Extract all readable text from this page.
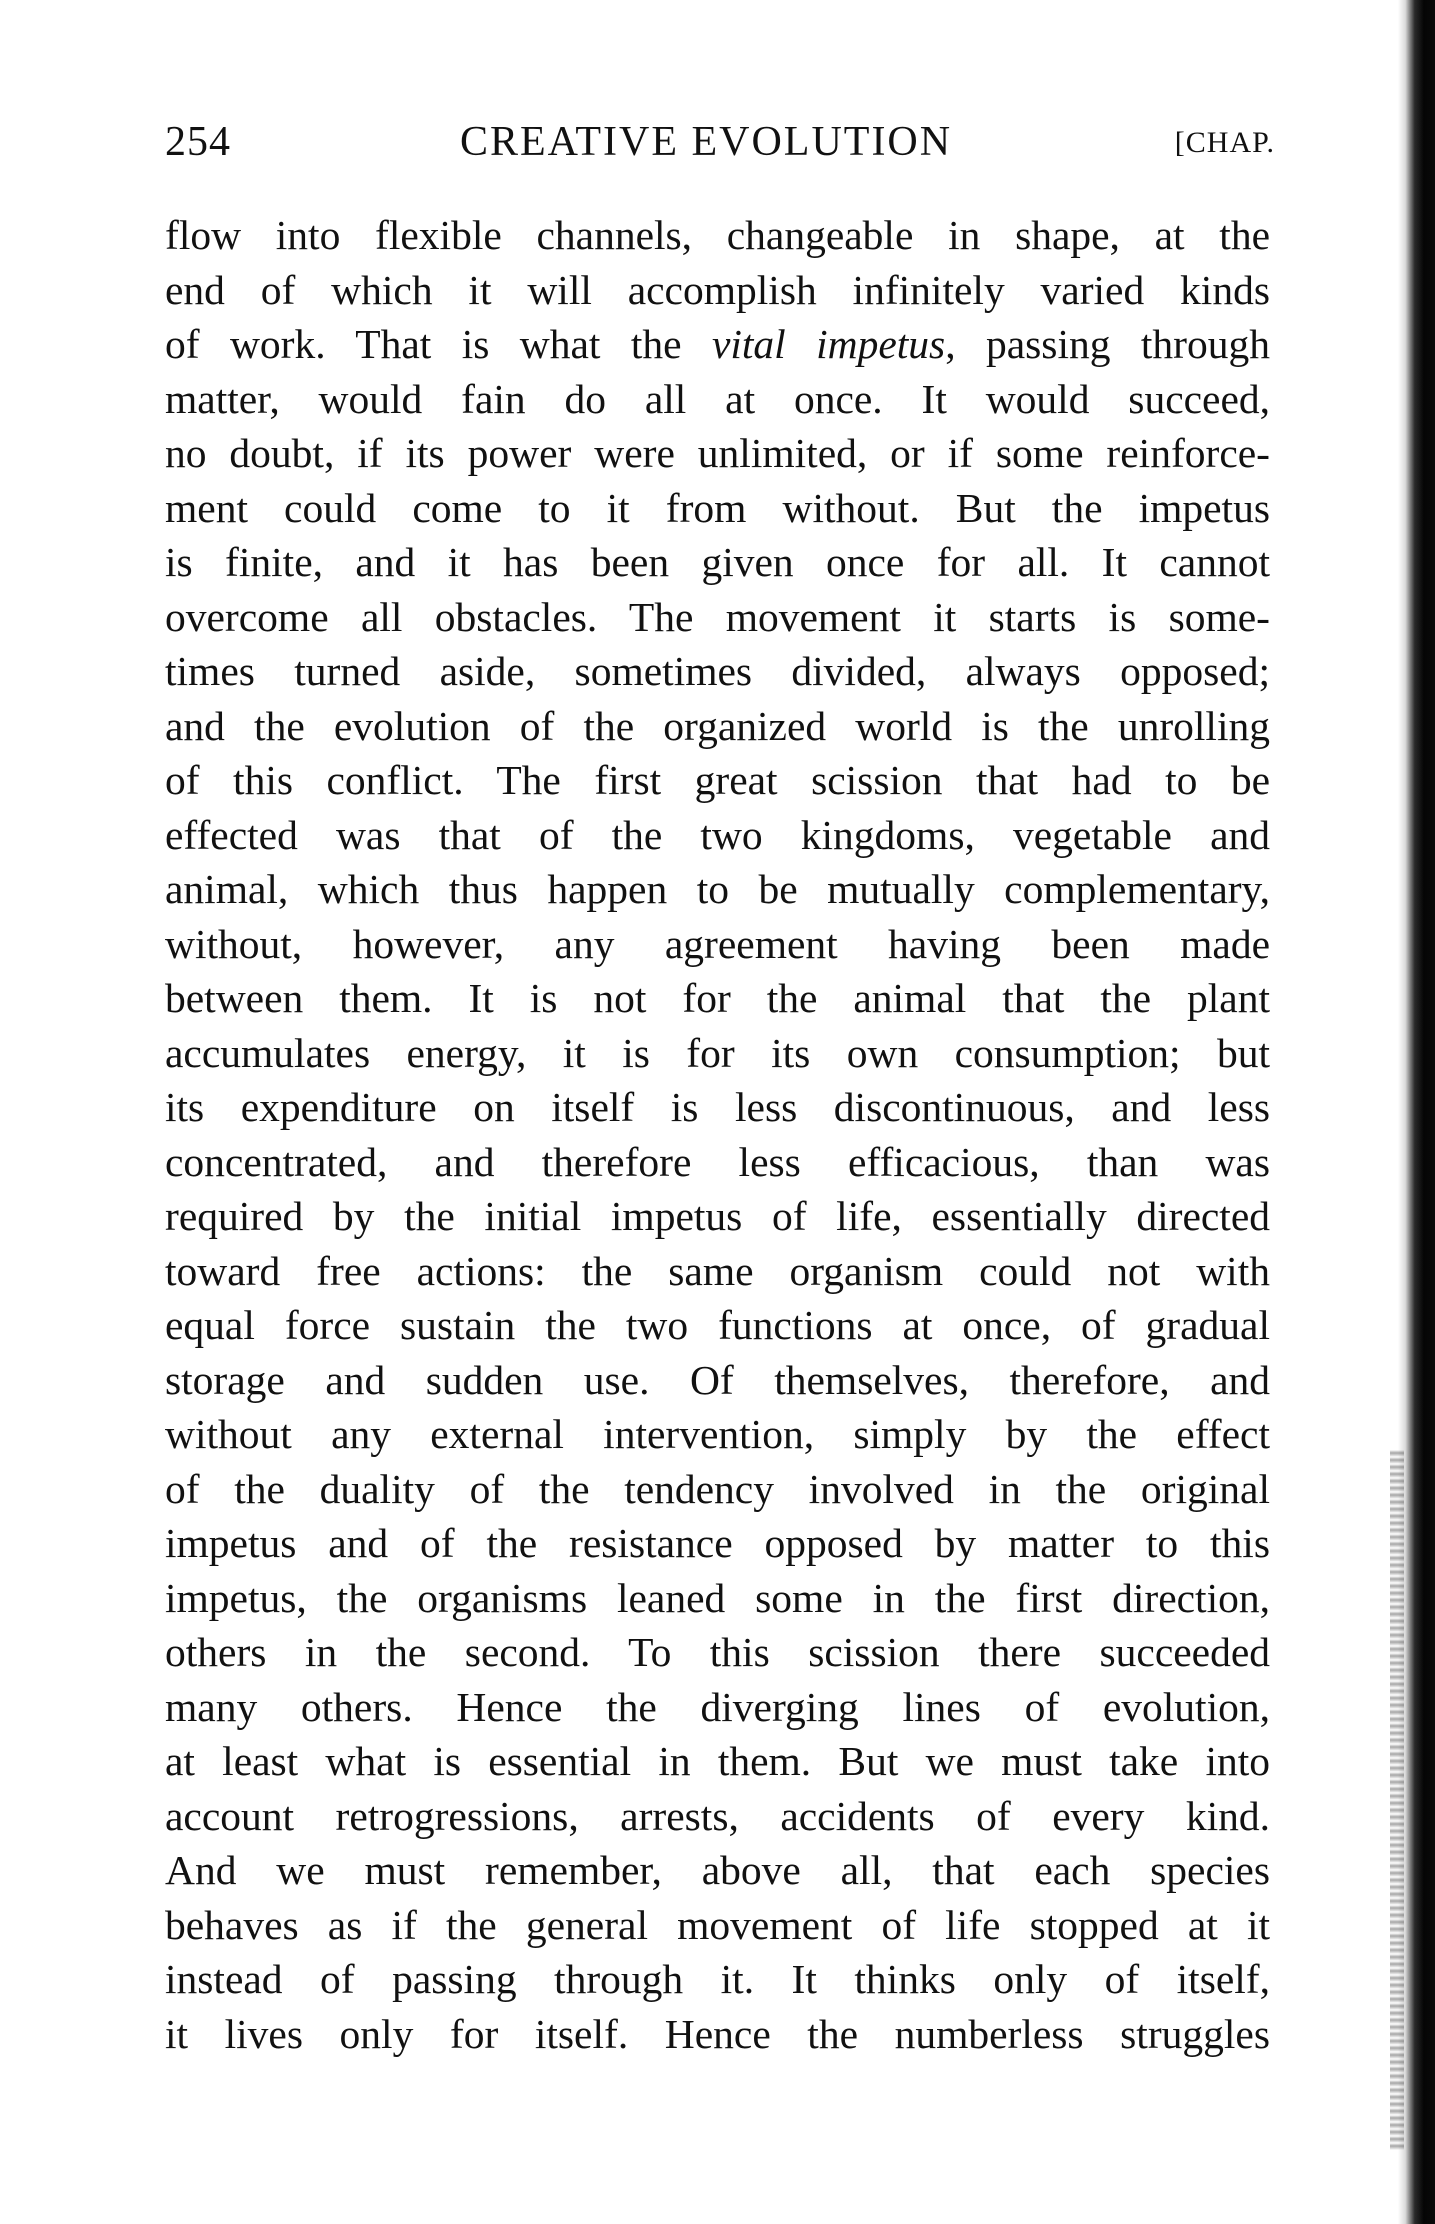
254	CREATIVE EVOLUTION	[CHAP.
flow into flexible channels, changeable in shape, at the
end of which it will accomplish infinitely varied kinds
of work. That is what the vital impetus, passing through
matter, would fain do all at once. It would succeed,
no doubt, if its power were unlimited, or if some reinforce-
ment could come to it from without. But the impetus
is finite, and it has been given once for all. It cannot
overcome all obstacles. The movement it starts is some-
times turned aside, sometimes divided, always opposed;
and the evolution of the organized world is the unrolling
of this conflict. The first great scission that had to be
effected was that of the two kingdoms, vegetable and
animal, which thus happen to be mutually complementary,
without, however, any agreement having been made
between them. It is not for the animal that the plant
accumulates energy, it is for its own consumption; but
its expenditure on itself is less discontinuous, and less
concentrated, and therefore less efficacious, than was
required by the initial impetus of life, essentially directed
toward free actions: the same organism could not with
equal force sustain the two functions at once, of gradual
storage and sudden use. Of themselves, therefore, and
without any external intervention, simply by the effect
of the duality of the tendency involved in the original
impetus and of the resistance opposed by matter to this
impetus, the organisms leaned some in the first direction,
others in the second. To this scission there succeeded
many others. Hence the diverging lines of evolution,
at least what is essential in them. But we must take into
account retrogressions, arrests, accidents of every kind.
And we must remember, above all, that each species
behaves as if the general movement of life stopped at it
instead of passing through it. It thinks only of itself,
it lives only for itself. Hence the numberless struggles
